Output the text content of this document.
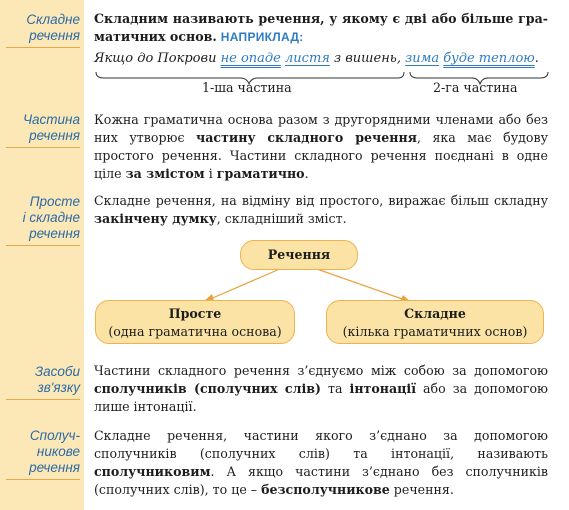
Складне
речення
Складним називають речення, у якому є дві або більше гра-матичних основ. НАПРИКЛАД:
Якщо до Покрови не опаде листя з вишень, зима буде теплою.
1-ша частина	2-га частина
Частина
речення
Кожна граматична основа разом з другорядними членами або без них утворює частину складного речення, яка має будову простого речення. Частини складного речення поєднані в одне ціле за змістом і граматично.
Просте
і складне
речення
Складне речення, на відміну від простого, виражає більш складну закінчену думку, складніший зміст.
Речення
Просте
(одна граматична основа)
Складне
(кілька граматичних основ)
Засоби
зв'язку
Частини складного речення з’єднуємо між собою за допомогою сполучників (сполучних слів) та інтонації або за допомогою лише інтонації.
Сполуч-
никове
речення
Складне речення, частини якого з’єднано за допомогою сполучників (сполучних слів) та інтонації, називають сполучниковим. А якщо частини з’єднано без сполучників (сполучних слів), то це – безсполучникове речення.
